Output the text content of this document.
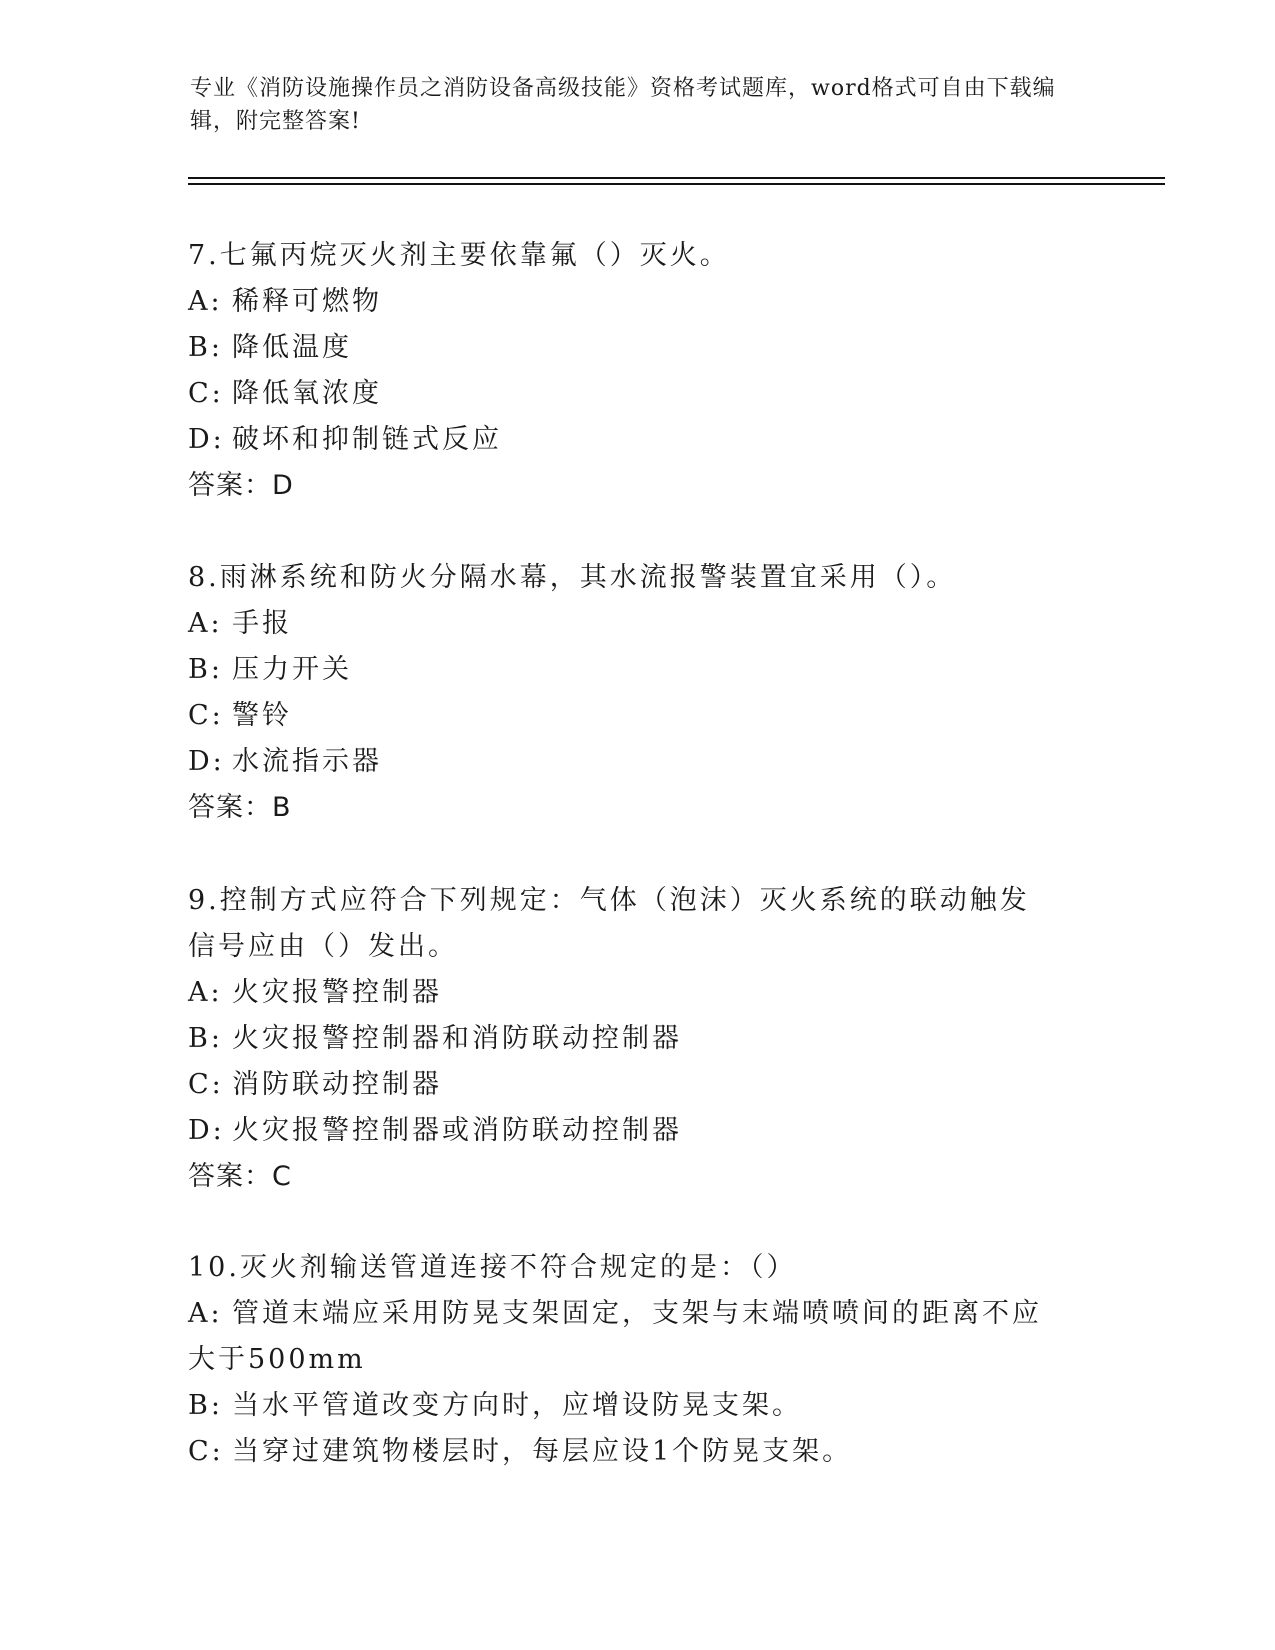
专业《消防设施操作员之消防设备高级技能》资格考试题库，word格式可自由下载编辑，附完整答案!
7.七氟丙烷灭火剂主要依靠氟（）灭火。
A: 稀释可燃物
B: 降低温度
C: 降低氧浓度
D: 破坏和抑制链式反应
答案：D
8.雨淋系统和防火分隔水幕，其水流报警装置宜采用（）。
A: 手报
B: 压力开关
C: 警铃
D: 水流指示器
答案：B
9.控制方式应符合下列规定：气体（泡沫）灭火系统的联动触发信号应由（）发出。
A: 火灾报警控制器
B: 火灾报警控制器和消防联动控制器
C: 消防联动控制器
D: 火灾报警控制器或消防联动控制器
答案：C
10.灭火剂输送管道连接不符合规定的是：（）
A: 管道末端应采用防晃支架固定，支架与末端喷喷间的距离不应大于500mm
B: 当水平管道改变方向时，应增设防晃支架。
C: 当穿过建筑物楼层时，每层应设1个防晃支架。
